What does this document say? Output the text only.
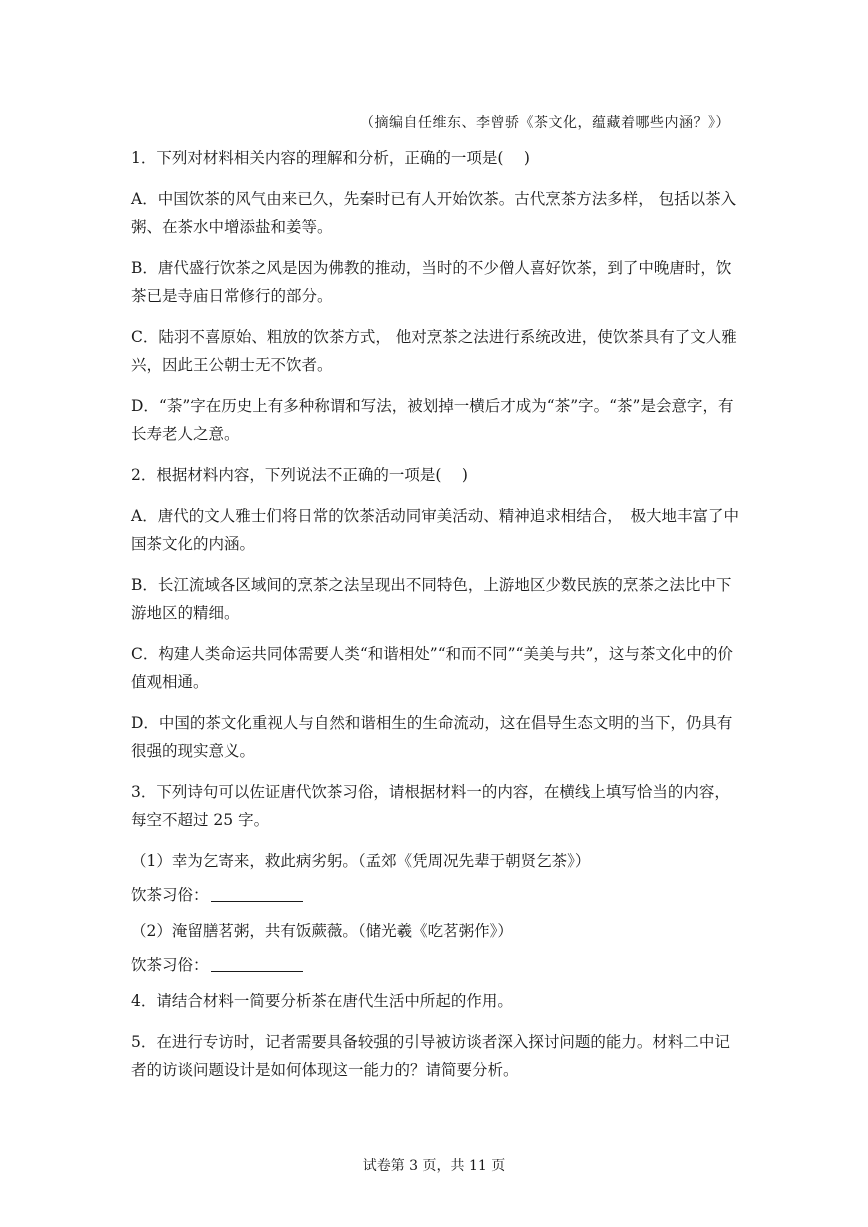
（摘编自任维东、李曾骄《茶文化，蕴藏着哪些内涵？》）

1．下列对材料相关内容的理解和分析，正确的一项是(　 )

A．中国饮茶的风气由来已久，先秦时已有人开始饮茶。古代烹茶方法多样， 包括以茶入粥、在茶水中增添盐和姜等。

B．唐代盛行饮茶之风是因为佛教的推动，当时的不少僧人喜好饮茶，到了中晚唐时，饮茶已是寺庙日常修行的部分。

C．陆羽不喜原始、粗放的饮茶方式， 他对烹茶之法进行系统改进，使饮茶具有了文人雅兴，因此王公朝士无不饮者。

D．“荼”字在历史上有多种称谓和写法，被划掉一横后才成为“茶”字。“茶”是会意字，有长寿老人之意。

2．根据材料内容，下列说法不正确的一项是(　 )

A．唐代的文人雅士们将日常的饮茶活动同审美活动、精神追求相结合，　极大地丰富了中国茶文化的内涵。

B．长江流域各区域间的烹茶之法呈现出不同特色，上游地区少数民族的烹茶之法比中下游地区的精细。

C．构建人类命运共同体需要人类“和谐相处”“和而不同”“美美与共”，这与茶文化中的价值观相通。

D．中国的茶文化重视人与自然和谐相生的生命流动，这在倡导生态文明的当下，仍具有很强的现实意义。

3．下列诗句可以佐证唐代饮茶习俗，请根据材料一的内容，在横线上填写恰当的内容，每空不超过 25 字。

（1）幸为乞寄来，救此病劣躬。（孟郊《凭周况先辈于朝贤乞茶》）

饮茶习俗：

（2）淹留膳茗粥，共有饭蕨薇。（储光羲《吃茗粥作》）

饮茶习俗：

4．请结合材料一简要分析茶在唐代生活中所起的作用。

5．在进行专访时，记者需要具备较强的引导被访谈者深入探讨问题的能力。材料二中记者的访谈问题设计是如何体现这一能力的？请简要分析。

试卷第 3 页，共 11 页
